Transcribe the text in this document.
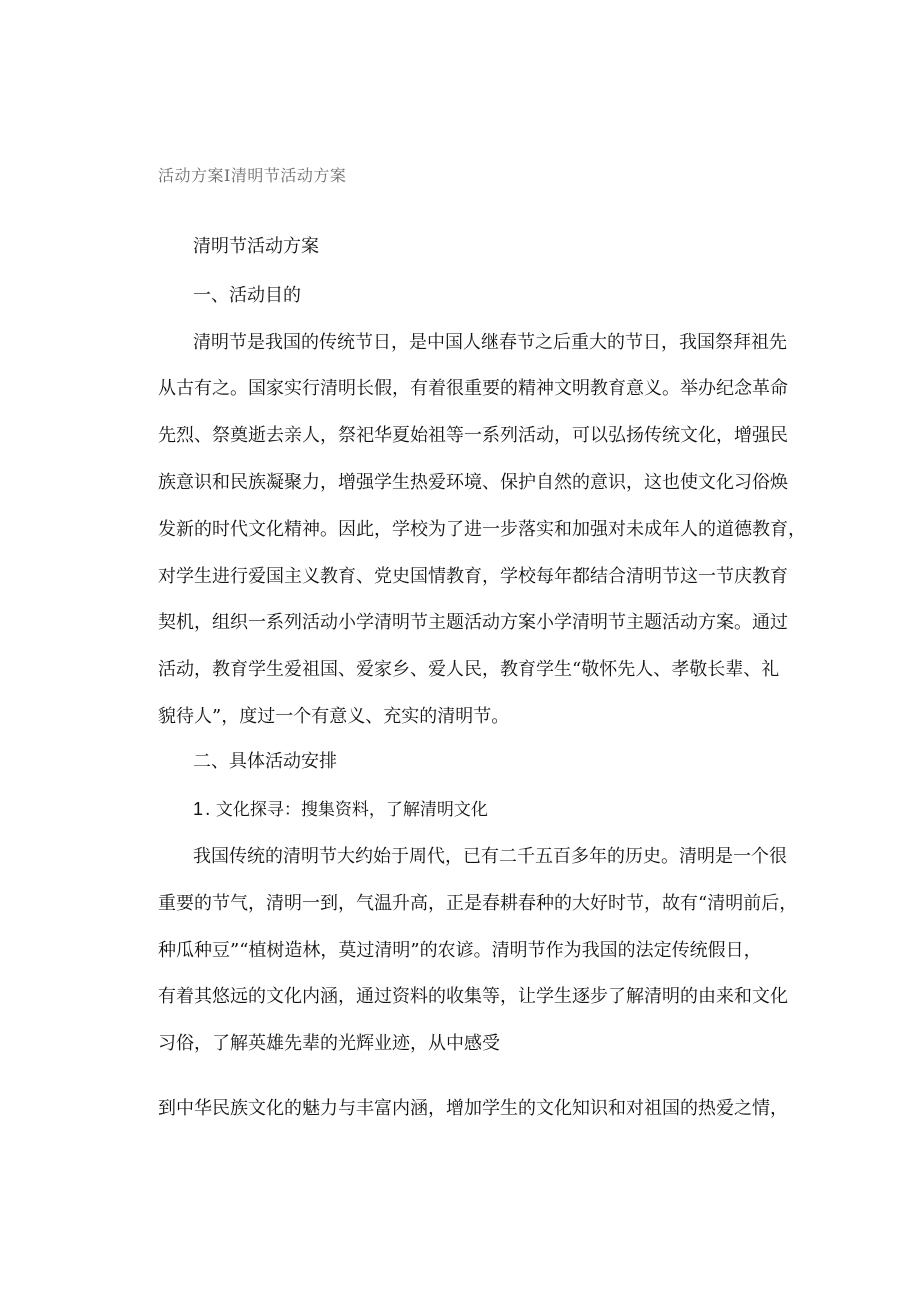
活动方案I清明节活动方案
清明节活动方案
一、活动目的
清明节是我国的传统节日，是中国人继春节之后重大的节日，我国祭拜祖先
从古有之。国家实行清明长假，有着很重要的精神文明教育意义。举办纪念革命
先烈、祭奠逝去亲人，祭祀华夏始祖等一系列活动，可以弘扬传统文化，增强民
族意识和民族凝聚力，增强学生热爱环境、保护自然的意识，这也使文化习俗焕
发新的时代文化精神。因此，学校为了进一步落实和加强对未成年人的道德教育，
对学生进行爱国主义教育、党史国情教育，学校每年都结合清明节这一节庆教育
契机，组织一系列活动小学清明节主题活动方案小学清明节主题活动方案。通过
活动，教育学生爱祖国、爱家乡、爱人民，教育学生“敬怀先人、孝敬长辈、礼
貌待人”，度过一个有意义、充实的清明节。
二、具体活动安排
1 . 文化探寻：搜集资料，了解清明文化
我国传统的清明节大约始于周代，已有二千五百多年的历史。清明是一个很
重要的节气，清明一到，气温升高，正是春耕春种的大好时节，故有“清明前后，
种瓜种豆”“植树造林，莫过清明”的农谚。清明节作为我国的法定传统假日，
有着其悠远的文化内涵，通过资料的收集等，让学生逐步了解清明的由来和文化
习俗，了解英雄先辈的光辉业迹，从中感受
到中华民族文化的魅力与丰富内涵，增加学生的文化知识和对祖国的热爱之情，
